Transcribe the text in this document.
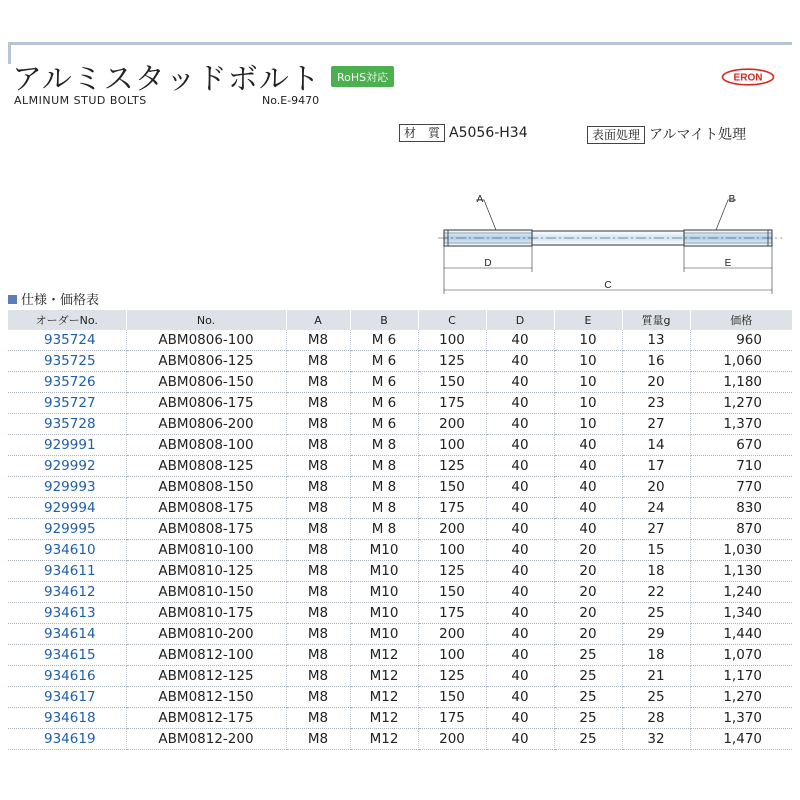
アルミスタッドボルト	RoHS対応
ALMINUM STUD BOLTS	No.E-9470
ERON
材　質 A5056-H34	表面処理 アルマイト処理
A	B
D	E
C
仕様・価格表
オーダーNo.	No.	A	B	C	D	E	質量g	価格
935724	ABM0806-100	M8	M 6	100	40	10	13	960
935725	ABM0806-125	M8	M 6	125	40	10	16	1,060
935726	ABM0806-150	M8	M 6	150	40	10	20	1,180
935727	ABM0806-175	M8	M 6	175	40	10	23	1,270
935728	ABM0806-200	M8	M 6	200	40	10	27	1,370
929991	ABM0808-100	M8	M 8	100	40	40	14	670
929992	ABM0808-125	M8	M 8	125	40	40	17	710
929993	ABM0808-150	M8	M 8	150	40	40	20	770
929994	ABM0808-175	M8	M 8	175	40	40	24	830
929995	ABM0808-175	M8	M 8	200	40	40	27	870
934610	ABM0810-100	M8	M10	100	40	20	15	1,030
934611	ABM0810-125	M8	M10	125	40	20	18	1,130
934612	ABM0810-150	M8	M10	150	40	20	22	1,240
934613	ABM0810-175	M8	M10	175	40	20	25	1,340
934614	ABM0810-200	M8	M10	200	40	20	29	1,440
934615	ABM0812-100	M8	M12	100	40	25	18	1,070
934616	ABM0812-125	M8	M12	125	40	25	21	1,170
934617	ABM0812-150	M8	M12	150	40	25	25	1,270
934618	ABM0812-175	M8	M12	175	40	25	28	1,370
934619	ABM0812-200	M8	M12	200	40	25	32	1,470
